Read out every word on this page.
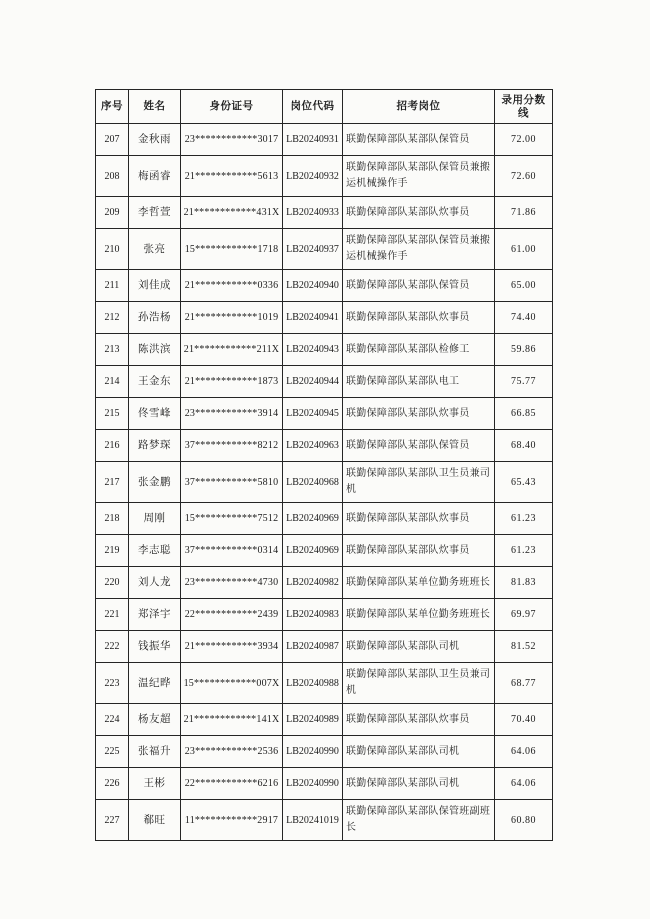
序号	姓名	身份证号	岗位代码	招考岗位	录用分数线
207	金秋雨	23************3017	LB20240931	联勤保障部队某部队保管员	72.00
208	梅函睿	21************5613	LB20240932	联勤保障部队某部队保管员兼搬运机械操作手	72.60
209	李哲萱	21************431X	LB20240933	联勤保障部队某部队炊事员	71.86
210	张亮	15************1718	LB20240937	联勤保障部队某部队保管员兼搬运机械操作手	61.00
211	刘佳成	21************0336	LB20240940	联勤保障部队某部队保管员	65.00
212	孙浩杨	21************1019	LB20240941	联勤保障部队某部队炊事员	74.40
213	陈洪滨	21************211X	LB20240943	联勤保障部队某部队检修工	59.86
214	王金东	21************1873	LB20240944	联勤保障部队某部队电工	75.77
215	佟雪峰	23************3914	LB20240945	联勤保障部队某部队炊事员	66.85
216	路梦琛	37************8212	LB20240963	联勤保障部队某部队保管员	68.40
217	张金鹏	37************5810	LB20240968	联勤保障部队某部队卫生员兼司机	65.43
218	周刚	15************7512	LB20240969	联勤保障部队某部队炊事员	61.23
219	李志聪	37************0314	LB20240969	联勤保障部队某部队炊事员	61.23
220	刘人龙	23************4730	LB20240982	联勤保障部队某单位勤务班班长	81.83
221	郑泽宇	22************2439	LB20240983	联勤保障部队某单位勤务班班长	69.97
222	钱振华	21************3934	LB20240987	联勤保障部队某部队司机	81.52
223	温纪晔	15************007X	LB20240988	联勤保障部队某部队卫生员兼司机	68.77
224	杨友超	21************141X	LB20240989	联勤保障部队某部队炊事员	70.40
225	张福升	23************2536	LB20240990	联勤保障部队某部队司机	64.06
226	王彬	22************6216	LB20240990	联勤保障部队某部队司机	64.06
227	郗旺	11************2917	LB20241019	联勤保障部队某部队保管班副班长	60.80
